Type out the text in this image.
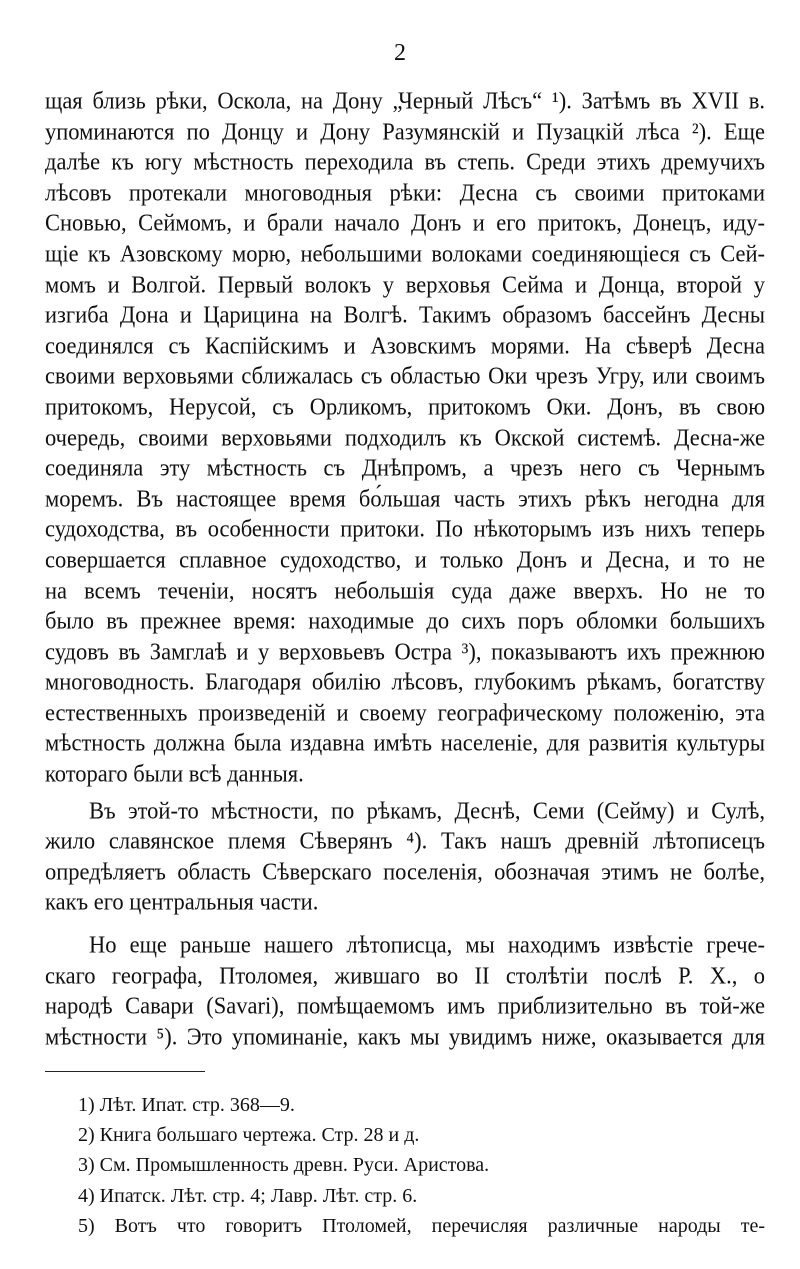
2
щая близь рѣки, Оскола, на Дону „Черный Лѣсъ“ ¹). Затѣмъ въ XVII в.
упоминаются по Донцу и Дону Разумянскій и Пузацкій лѣса ²). Еще
далѣе къ югу мѣстность переходила въ степь. Среди этихъ дремучихъ
лѣсовъ протекали многоводныя рѣки: Десна съ своими притоками
Сновью, Сеймомъ, и брали начало Донъ и его притокъ, Донецъ, иду-
щіе къ Азовскому морю, небольшими волоками соединяющіеся съ Сей-
момъ и Волгой. Первый волокъ у верховья Сейма и Донца, второй у
изгиба Дона и Царицина на Волгѣ. Такимъ образомъ бассейнъ Десны
соединялся съ Каспійскимъ и Азовскимъ морями. На сѣверѣ Десна
своими верховьями сближалась съ областью Оки чрезъ Угру, или своимъ
притокомъ, Нерусой, съ Орликомъ, притокомъ Оки. Донъ, въ свою
очередь, своими верховьями подходилъ къ Окской системѣ. Десна-же
соединяла эту мѣстность съ Днѣпромъ, а чрезъ него съ Чернымъ
моремъ. Въ настоящее время бо́льшая часть этихъ рѣкъ негодна для
судоходства, въ особенности притоки. По нѣкоторымъ изъ нихъ теперь
совершается сплавное судоходство, и только Донъ и Десна, и то не
на всемъ теченіи, носятъ небольшія суда даже вверхъ. Но не то
было въ прежнее время: находимые до сихъ поръ обломки большихъ
судовъ въ Замглаѣ и у верховьевъ Остра ³), показываютъ ихъ прежнюю
многоводность. Благодаря обилію лѣсовъ, глубокимъ рѣкамъ, богатству
естественныхъ произведеній и своему географическому положенію, эта
мѣстность должна была издавна имѣть населеніе, для развитія культуры
котораго были всѣ данныя.
Въ этой-то мѣстности, по рѣкамъ, Деснѣ, Семи (Сейму) и Сулѣ,
жило славянское племя Сѣверянъ ⁴). Такъ нашъ древній лѣтописецъ
опредѣляетъ область Сѣверскаго поселенія, обозначая этимъ не болѣе,
какъ его центральныя части.
Но еще раньше нашего лѣтописца, мы находимъ извѣстіе грече-
скаго географа, Птоломея, жившаго во II столѣтіи послѣ Р. Х., о
народѣ Савари (Savari), помѣщаемомъ имъ приблизительно въ той-же
мѣстности ⁵). Это упоминаніе, какъ мы увидимъ ниже, оказывается для
1) Лѣт. Ипат. стр. 368—9.
2) Книга большаго чертежа. Стр. 28 и д.
3) См. Промышленность древн. Руси. Аристова.
4) Ипатск. Лѣт. стр. 4; Лавр. Лѣт. стр. 6.
5) Вотъ что говоритъ Птоломей, перечисляя различные народы те-
